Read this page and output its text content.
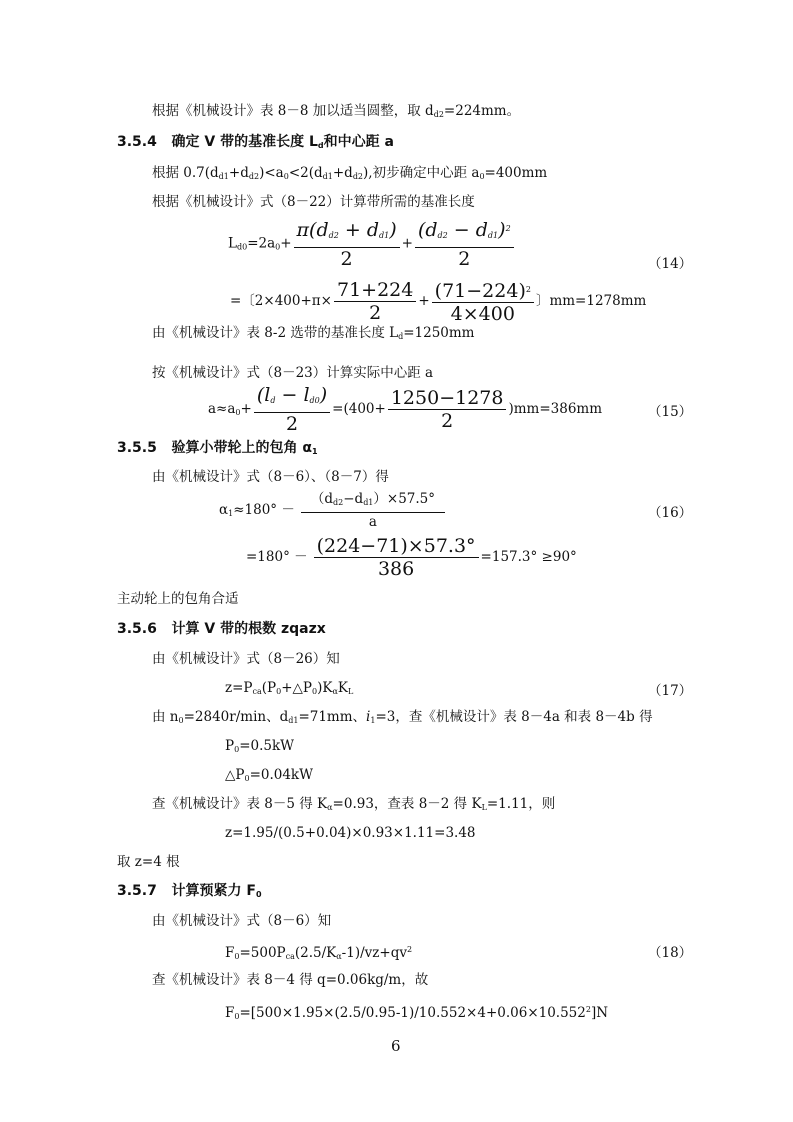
根据《机械设计》表 8－8 加以适当圆整，取 $d_{d2}=224mm$。
3.5.4 确定 V 带的基准长度 $L_d$和中心距 a
根据 $0.7(d_{d1}+d_{d2})<a_0<2(d_{d1}+d_{d2})$,初步确定中心距 $a_0=400mm$
根据《机械设计》式（8－22）计算带所需的基准长度
$L_{d0}=2a_0+ \frac{\pi(d_{d2} + d_{d1})}{2} + \frac{(d_{d2} - d_{d1})^2}{2}$	（14）
=〔$2\times 400+\pi\times \frac{71+224}{2} + \frac{(71-224)^2}{4\times 400}$ 〕mm=1278mm
由《机械设计》表 8-2 选带的基准长度 $L_d=1250mm$
按《机械设计》式（8－23）计算实际中心距 a
$a\approx a_0+ \frac{(l_d - l_{d0})}{2} =(400+ \frac{1250-1278}{2} )mm=386mm$	（15）
3.5.5 验算小带轮上的包角 $\alpha_1$
由《机械设计》式（8－6）、（8－7）得
$\alpha_1\approx 180^\circ - \frac{(d_{d2}-d_{d1})\times 57.5^\circ}{a}$	（16）
$=180^\circ - \frac{(224-71)\times 57.3^\circ}{386} =157.3^\circ \ge 90^\circ$
主动轮上的包角合适
3.5.6 计算 V 带的根数 zqazx
由《机械设计》式（8－26）知
$z=P_{ca}(P_0+\triangle P_0)K_\alpha K_L$	（17）
由 $n_0=2840r/\min$、$d_{d1}=71mm$、$i_1=3$，查《机械设计》表 8－4a 和表 8－4b 得
$P_0=0.5kW$
$\triangle P_0=0.04kW$
查《机械设计》表 8－5 得 $K_\alpha=0.93$，查表 8－2 得 $K_L=1.11$，则
z=1.95/(0.5+0.04)×0.93×1.11=3.48
取 z=4 根
3.5.7 计算预紧力 $F_0$
由《机械设计》式（8－6）知
$F_0=500P_{ca}(2.5/K_\alpha-1)/vz+qv^2$	（18）
查《机械设计》表 8－4 得 q=0.06kg/m，故
$F_0=[500\times 1.95\times(2.5/0.95-1)/10.552\times 4+0.06\times 10.552^2]N$
6
